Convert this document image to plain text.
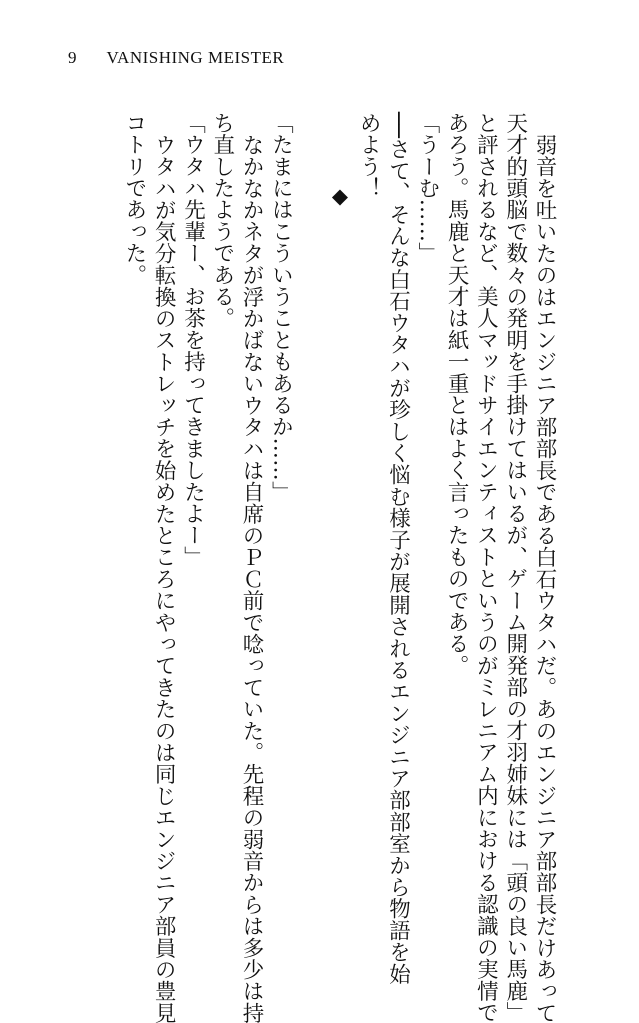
9 VANISHING MEISTER
弱音を吐いたのはエンジニア部部長である白石ウタハだ。あのエンジニア部部長だけあって
天才的頭脳で数々の発明を手掛けてはいるが、ゲーム開発部の才羽姉妹には「頭の良い馬鹿」
と評されるなど、美人マッドサイエンティストというのがミレニアム内における認識の実情で
あろう。馬鹿と天才は紙一重とはよく言ったものである。
「うーむ……」
──さて、そんな白石ウタハが珍しく悩む様子が展開されるエンジニア部部室から物語を始
めよう！
◆
「たまにはこういうこともあるか……」
なかなかネタが浮かばないウタハは自席のＰＣ前で唸っていた。先程の弱音からは多少は持
ち直したようである。
「ウタハ先輩ー、お茶を持ってきましたよー」
ウタハが気分転換のストレッチを始めたところにやってきたのは同じエンジニア部員の豊見
コトリであった。
